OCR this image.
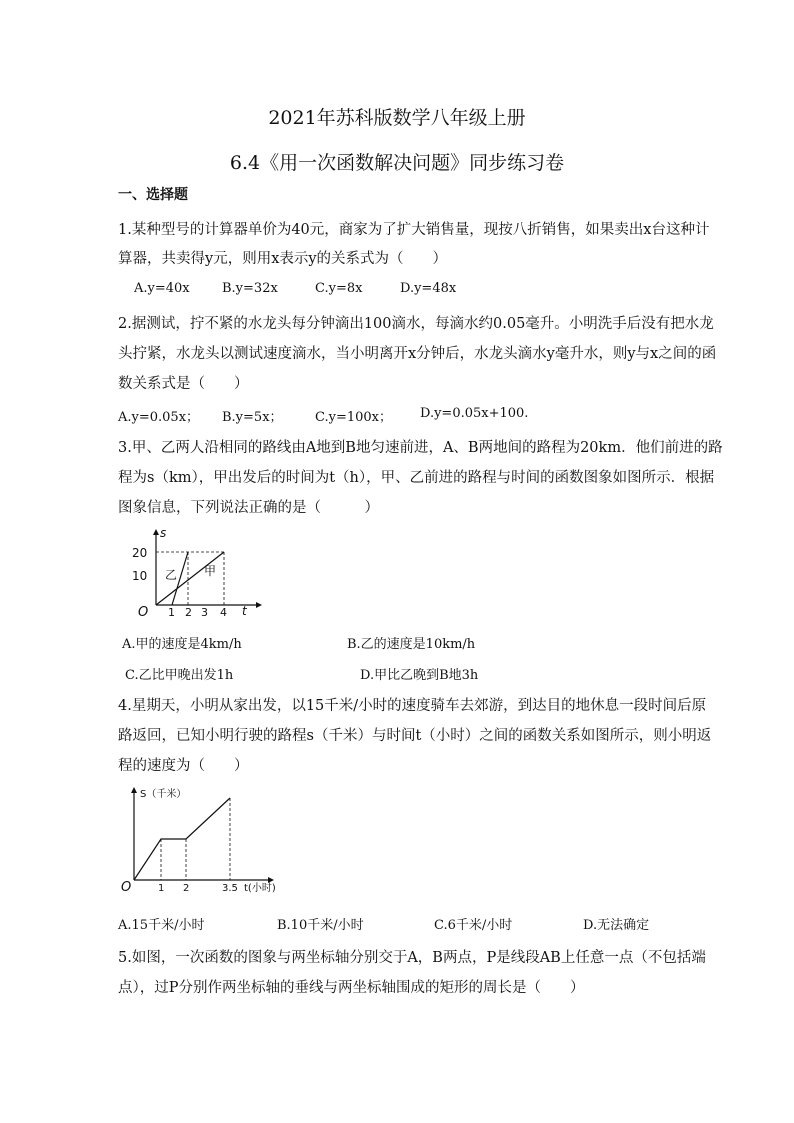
2021年苏科版数学八年级上册
6.4《用一次函数解决问题》同步练习卷
一、选择题
1.某种型号的计算器单价为40元，商家为了扩大销售量，现按八折销售，如果卖出x台这种计
算器，共卖得y元，则用x表示y的关系式为（　　）
A.y=40x B.y=32x	C.y=8x	D.y=48x
2.据测试，拧不紧的水龙头每分钟滴出100滴水，每滴水约0.05毫升。小明洗手后没有把水龙
头拧紧，水龙头以测试速度滴水，当小明离开x分钟后，水龙头滴水y毫升水，则y与x之间的函
数关系式是（　　）
A.y=0.05x； B.y=5x； C.y=100x； D.y=0.05x+100.
3.甲、乙两人沿相同的路线由A地到B地匀速前进，A、B两地间的路程为20km．他们前进的路
程为s（km），甲出发后的时间为t（h），甲、乙前进的路程与时间的函数图象如图所示．根据
图象信息，下列说法正确的是（　　　）
s
t
O
20
10
1 2 3 4
乙 甲
A.甲的速度是4km/h	B.乙的速度是10km/h
C.乙比甲晚出发1h	D.甲比乙晚到B地3h
4.星期天，小明从家出发，以15千米/小时的速度骑车去郊游，到达目的地休息一段时间后原
路返回，已知小明行驶的路程s（千米）与时间t（小时）之间的函数关系如图所示，则小明返
程的速度为（　　）
S（千米）
t(小时)
O	1 2	3.5
A.15千米/小时	B.10千米/小时	C.6千米/小时	D.无法确定
5.如图，一次函数的图象与两坐标轴分别交于A，B两点，P是线段AB上任意一点（不包括端
点），过P分别作两坐标轴的垂线与两坐标轴围成的矩形的周长是（　　）
